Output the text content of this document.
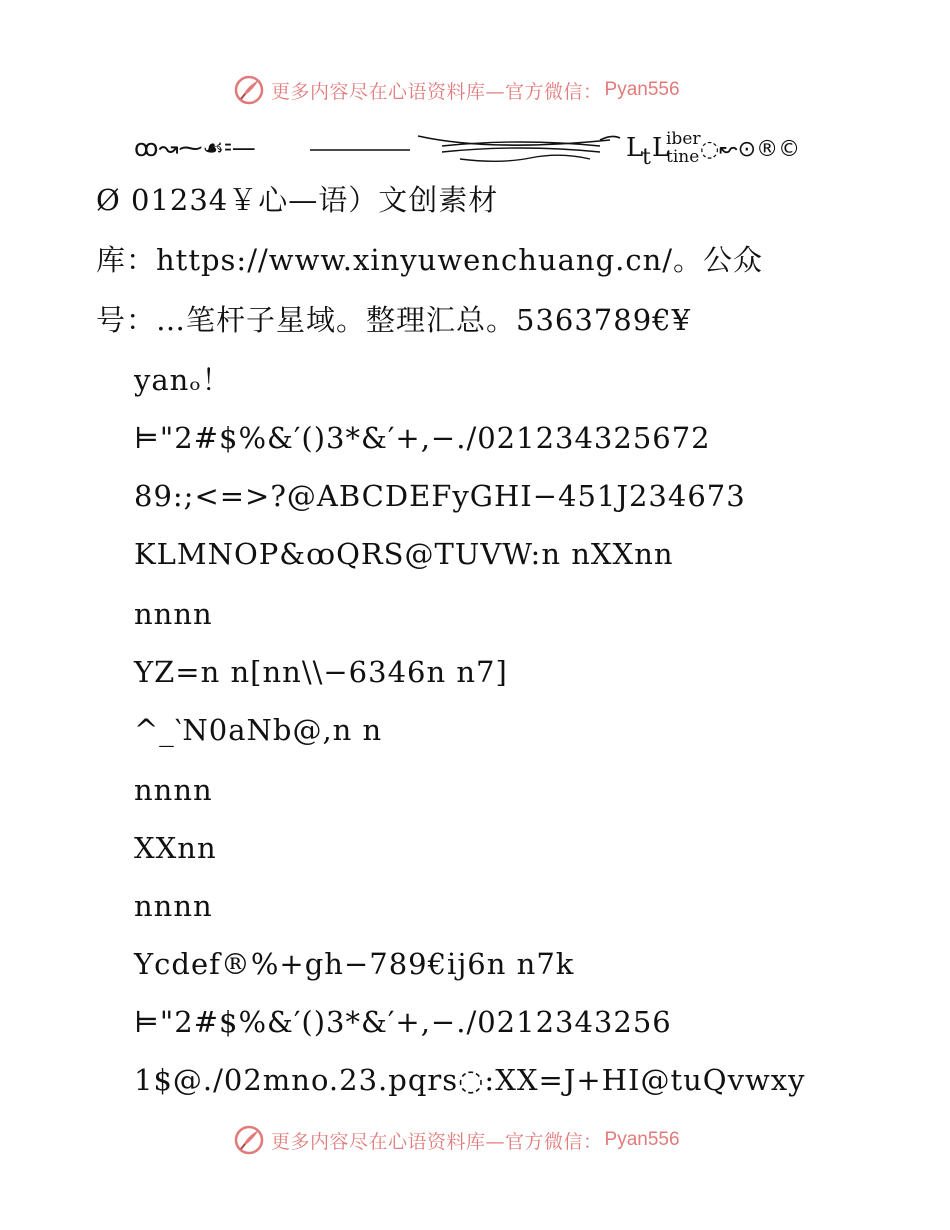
更多内容尽在心语资料库—官方微信： Pyan556
ꝏ↝⁓☙⹀—	L
t L
iber
tine ◌↜⊙®©
Ø 01234￥心—语）文创素材
库：https://www.xinyuwenchuang.cn/。公众
号：…笔杆子星域。整理汇总。5363789€¥
yanₒ！
⊨"2#$%&′()3*&′+,−./021234325672
89:;<=>?@ABCDEFyGHI−451J234673
KLMNOP&ꝏQRS@TUVW:n nXXnn
nnnn
YZ=n n[nn\\−6346n n7]
^_‵N0aNb@,n n
nnnn
XXnn
nnnn
Ycdef®%+gh−789€ij6n n7k
⊨"2#$%&′()3*&′+,−./0212343256
1$@./02mno.23.pqrs◌:XX=J+HI@tuQvwxy
更多内容尽在心语资料库—官方微信： Pyan556
